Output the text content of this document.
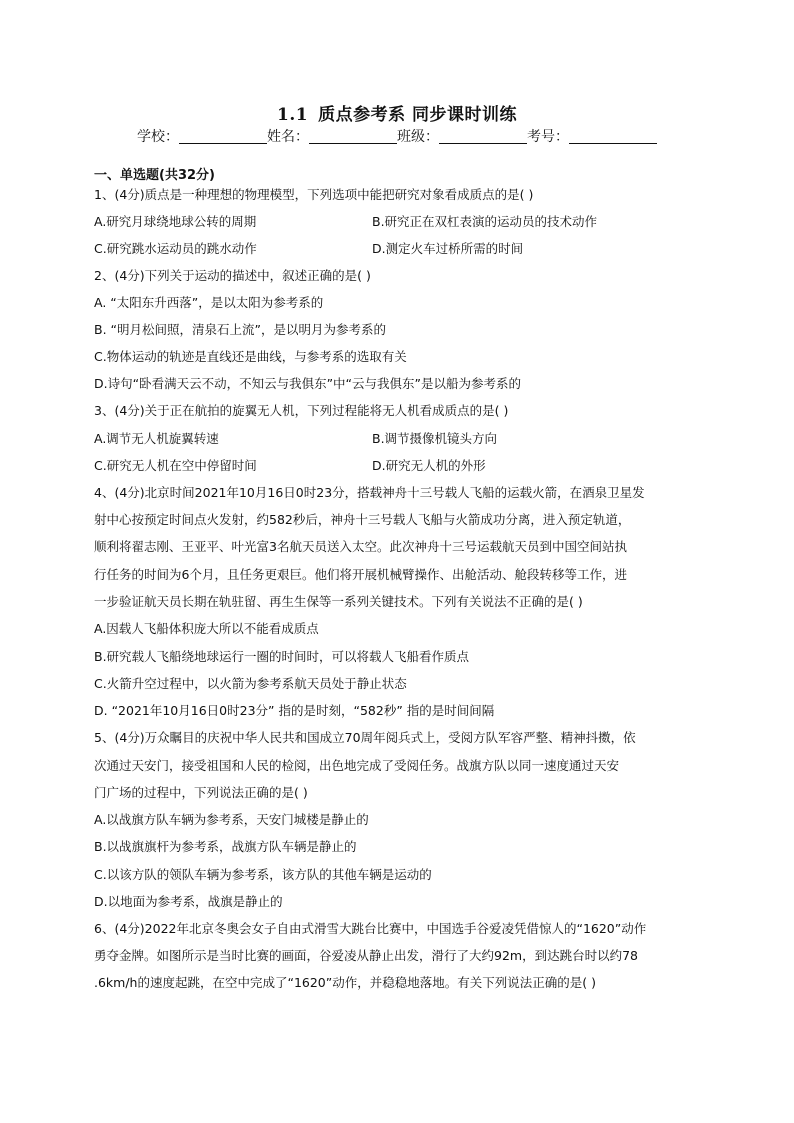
1.1 质点参考系 同步课时训练
学校：	姓名：	班级：	考号：
一、单选题(共32分)
1、(4分)质点是一种理想的物理模型，下列选项中能把研究对象看成质点的是( )
A.研究月球绕地球公转的周期	B.研究正在双杠表演的运动员的技术动作
C.研究跳水运动员的跳水动作	D.测定火车过桥所需的时间
2、(4分)下列关于运动的描述中，叙述正确的是( )
A. “太阳东升西落”，是以太阳为参考系的
B. “明月松间照，清泉石上流”，是以明月为参考系的
C.物体运动的轨迹是直线还是曲线，与参考系的选取有关
D.诗句“卧看满天云不动，不知云与我俱东”中“云与我俱东”是以船为参考系的
3、(4分)关于正在航拍的旋翼无人机，下列过程能将无人机看成质点的是( )
A.调节无人机旋翼转速	B.调节摄像机镜头方向
C.研究无人机在空中停留时间	D.研究无人机的外形
4、(4分)北京时间2021年10月16日0时23分，搭载神舟十三号载人飞船的运载火箭，在酒泉卫星发
射中心按预定时间点火发射，约582秒后，神舟十三号载人飞船与火箭成功分离，进入预定轨道，
顺利将翟志刚、王亚平、叶光富3名航天员送入太空。此次神舟十三号运载航天员到中国空间站执
行任务的时间为6个月，且任务更艰巨。他们将开展机械臂操作、出舱活动、舱段转移等工作，进
一步验证航天员长期在轨驻留、再生生保等一系列关键技术。下列有关说法不正确的是( )
A.因载人飞船体积庞大所以不能看成质点
B.研究载人飞船绕地球运行一圈的时间时，可以将载人飞船看作质点
C.火箭升空过程中，以火箭为参考系航天员处于静止状态
D. “2021年10月16日0时23分” 指的是时刻，“582秒” 指的是时间间隔
5、(4分)万众瞩目的庆祝中华人民共和国成立70周年阅兵式上，受阅方队军容严整、精神抖擞，依
次通过天安门，接受祖国和人民的检阅，出色地完成了受阅任务。战旗方队以同一速度通过天安
门广场的过程中，下列说法正确的是( )
A.以战旗方队车辆为参考系，天安门城楼是静止的
B.以战旗旗杆为参考系，战旗方队车辆是静止的
C.以该方队的领队车辆为参考系，该方队的其他车辆是运动的
D.以地面为参考系，战旗是静止的
6、(4分)2022年北京冬奥会女子自由式滑雪大跳台比赛中，中国选手谷爱凌凭借惊人的“1620”动作
勇夺金牌。如图所示是当时比赛的画面，谷爱凌从静止出发，滑行了大约92m，到达跳台时以约78
.6km/h的速度起跳，在空中完成了“1620”动作，并稳稳地落地。有关下列说法正确的是( )
